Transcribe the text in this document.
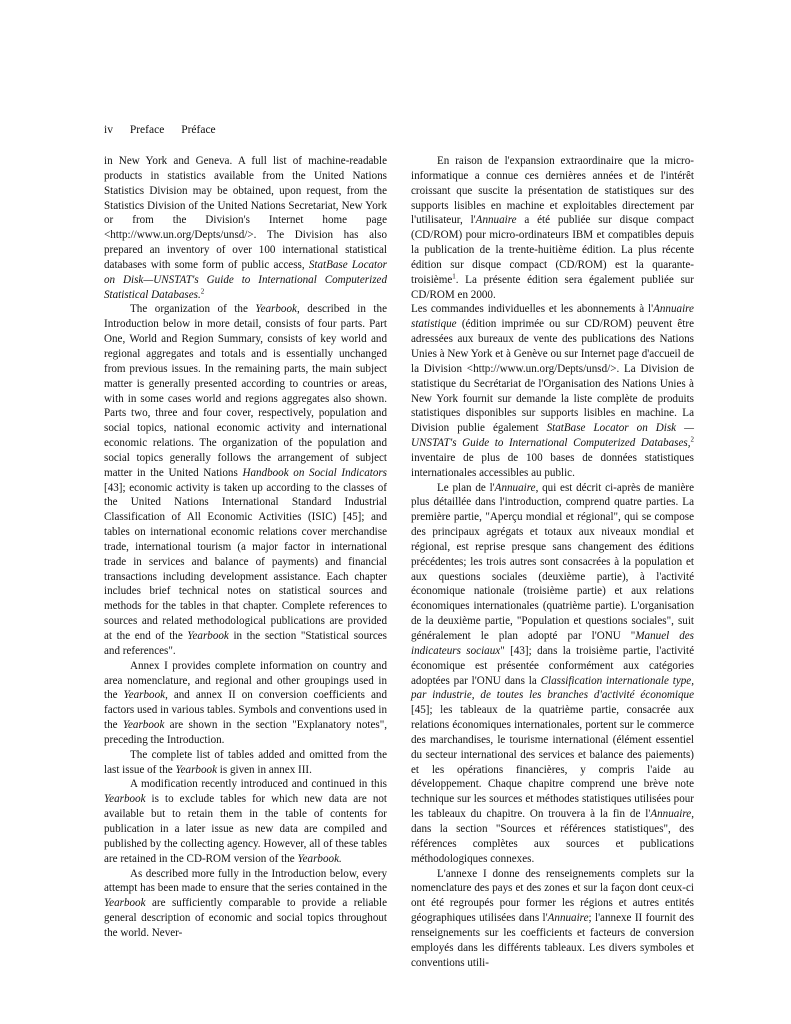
iv Preface Préface

in New York and Geneva. A full list of machine-readable products in statistics available from the United Nations Statistics Division may be obtained, upon request, from the Statistics Division of the United Nations Secretariat, New York or from the Division's Internet home page <http://www.un.org/Depts/unsd/>. The Division has also prepared an inventory of over 100 international statistical databases with some form of public access, StatBase Locator on Disk—UNSTAT's Guide to International Computerized Statistical Databases.$^2$

The organization of the Yearbook, described in the Introduction below in more detail, consists of four parts. Part One, World and Region Summary, consists of key world and regional aggregates and totals and is essentially unchanged from previous issues. In the remaining parts, the main subject matter is generally presented according to countries or areas, with in some cases world and regions aggregates also shown. Parts two, three and four cover, respectively, population and social topics, national economic activity and international economic relations. The organization of the population and social topics generally follows the arrangement of subject matter in the United Nations Handbook on Social Indicators [43]; economic activity is taken up according to the classes of the United Nations International Standard Industrial Classification of All Economic Activities (ISIC) [45]; and tables on international economic relations cover merchandise trade, international tourism (a major factor in international trade in services and balance of payments) and financial transactions including development assistance. Each chapter includes brief technical notes on statistical sources and methods for the tables in that chapter. Complete references to sources and related methodological publications are provided at the end of the Yearbook in the section "Statistical sources and references".

Annex I provides complete information on country and area nomenclature, and regional and other groupings used in the Yearbook, and annex II on conversion coefficients and factors used in various tables. Symbols and conventions used in the Yearbook are shown in the section "Explanatory notes", preceding the Introduction.

The complete list of tables added and omitted from the last issue of the Yearbook is given in annex III.

A modification recently introduced and continued in this Yearbook is to exclude tables for which new data are not available but to retain them in the table of contents for publication in a later issue as new data are compiled and published by the collecting agency. However, all of these tables are retained in the CD-ROM version of the Yearbook.

As described more fully in the Introduction below, every attempt has been made to ensure that the series contained in the Yearbook are sufficiently comparable to provide a reliable general description of economic and social topics throughout the world. Never-

En raison de l'expansion extraordinaire que la micro-informatique a connue ces dernières années et de l'intérêt croissant que suscite la présentation de statistiques sur des supports lisibles en machine et exploitables directement par l'utilisateur, l'Annuaire a été publiée sur disque compact (CD/ROM) pour micro-ordinateurs IBM et compatibles depuis la publication de la trente-huitième édition. La plus récente édition sur disque compact (CD/ROM) est la quarante-troisième$^1$. La présente édition sera également publiée sur CD/ROM en 2000.

Les commandes individuelles et les abonnements à l'Annuaire statistique (édition imprimée ou sur CD/ROM) peuvent être adressées aux bureaux de vente des publications des Nations Unies à New York et à Genève ou sur Internet page d'accueil de la Division <http://www.un.org/Depts/unsd/>. La Division de statistique du Secrétariat de l'Organisation des Nations Unies à New York fournit sur demande la liste complète de produits statistiques disponibles sur supports lisibles en machine. La Division publie également StatBase Locator on Disk — UNSTAT's Guide to International Computerized Databases,$^2$ inventaire de plus de 100 bases de données statistiques internationales accessibles au public.

Le plan de l'Annuaire, qui est décrit ci-après de manière plus détaillée dans l'introduction, comprend quatre parties. La première partie, "Aperçu mondial et régional", qui se compose des principaux agrégats et totaux aux niveaux mondial et régional, est reprise presque sans changement des éditions précédentes; les trois autres sont consacrées à la population et aux questions sociales (deuxième partie), à l'activité économique nationale (troisième partie) et aux relations économiques internationales (quatrième partie). L'organisation de la deuxième partie, "Population et questions sociales", suit généralement le plan adopté par l'ONU "Manuel des indicateurs sociaux" [43]; dans la troisième partie, l'activité économique est présentée conformément aux catégories adoptées par l'ONU dans la Classification internationale type, par industrie, de toutes les branches d'activité économique [45]; les tableaux de la quatrième partie, consacrée aux relations économiques internationales, portent sur le commerce des marchandises, le tourisme international (élément essentiel du secteur international des services et balance des paiements) et les opérations financières, y compris l'aide au développement. Chaque chapitre comprend une brève note technique sur les sources et méthodes statistiques utilisées pour les tableaux du chapitre. On trouvera à la fin de l'Annuaire, dans la section "Sources et références statistiques", des références complètes aux sources et publications méthodologiques connexes.

L'annexe I donne des renseignements complets sur la nomenclature des pays et des zones et sur la façon dont ceux-ci ont été regroupés pour former les régions et autres entités géographiques utilisées dans l'Annuaire; l'annexe II fournit des renseignements sur les coefficients et facteurs de conversion employés dans les différents tableaux. Les divers symboles et conventions utili-
